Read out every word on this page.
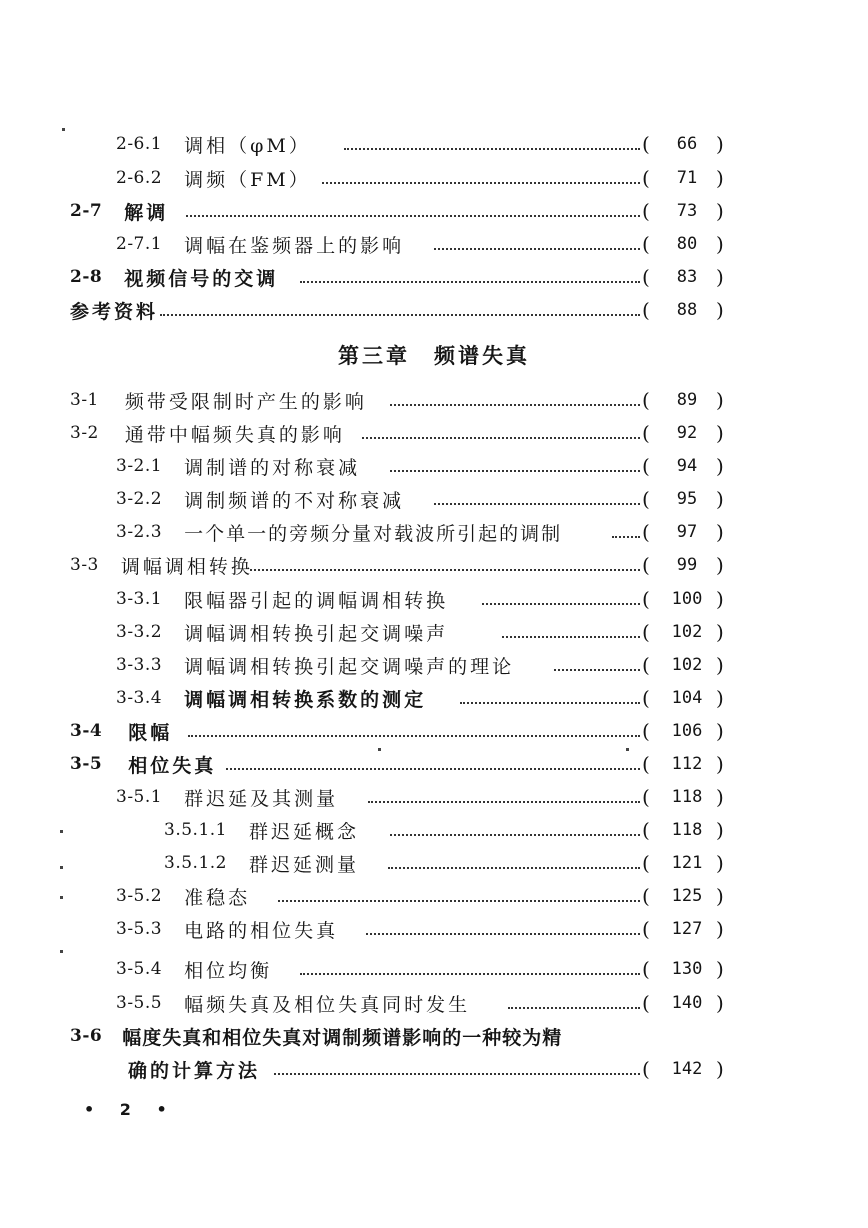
2-6.1 调相（φM）	(	66 )
2-6.2 调频（FM）	(	71 )
2-7 解调	(	73 )
2-7.1 调幅在鉴频器上的影响	(	80 )
2-8 视频信号的交调	(	83 )
参考资料	(	88 )
第三章　频谱失真
3-1 频带受限制时产生的影响	(	89 )
3-2 通带中幅频失真的影响	(	92 )
3-2.1 调制谱的对称衰减	(	94 )
3-2.2 调制频谱的不对称衰减	(	95 )
3-2.3 一个单一的旁频分量对载波所引起的调制	(	97 )
3-3 调幅调相转换	(	99 )
3-3.1 限幅器引起的调幅调相转换	(	100 )
3-3.2 调幅调相转换引起交调噪声	(	102 )
3-3.3 调幅调相转换引起交调噪声的理论	(	102 )
3-3.4 调幅调相转换系数的测定	(	104 )
3-4 限幅	(	106 )
3-5 相位失真	(	112 )
3-5.1 群迟延及其测量	(	118 )
3.5.1.1 群迟延概念	(	118 )
3.5.1.2 群迟延测量	(	121 )
3-5.2 准稳态	(	125 )
3-5.3 电路的相位失真	(	127 )
3-5.4 相位均衡	(	130 )
3-5.5 幅频失真及相位失真同时发生	(	140 )
3-6 幅度失真和相位失真对调制频谱影响的一种较为精
确的计算方法	(	142 )
• 2 •
